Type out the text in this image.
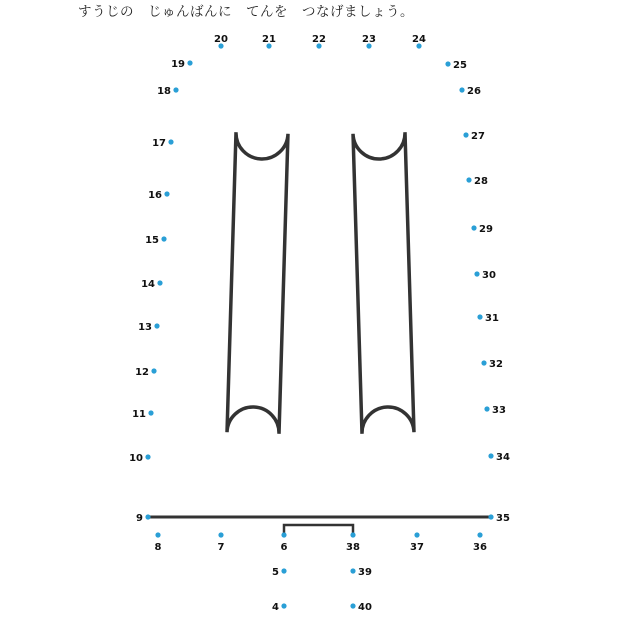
すうじの　じゅんばんに　てんを　つなげましょう。
4
5
6
7
8
9
10
11
12
13
14
15
16
17
18
19
20	21	22	23	24
25
26
27
28
29
30
31
32
33
34
35
36
37
38
39
40
